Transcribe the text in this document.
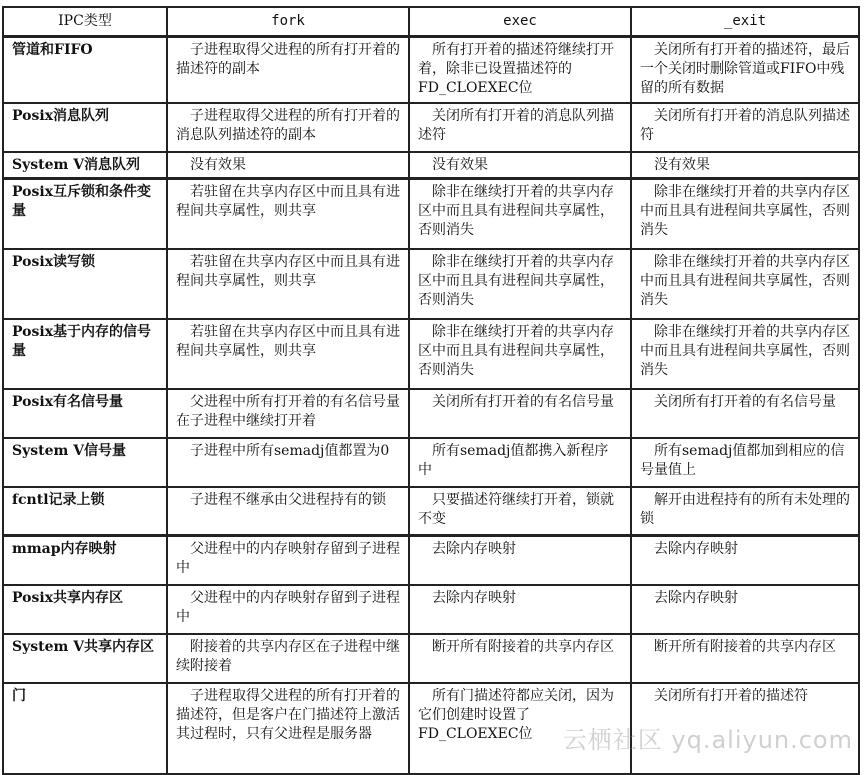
IPC类型	fork	exec	_exit
管道和FIFO	子进程取得父进程的所有打开着的描述符的副本	所有打开着的描述符继续打开着，除非已设置描述符的FD_CLOEXEC位	关闭所有打开着的描述符，最后一个关闭时删除管道或FIFO中残留的所有数据
Posix消息队列	子进程取得父进程的所有打开着的消息队列描述符的副本	关闭所有打开着的消息队列描述符	关闭所有打开着的消息队列描述符
System V消息队列	没有效果	没有效果	没有效果
Posix互斥锁和条件变量	若驻留在共享内存区中而且具有进程间共享属性，则共享	除非在继续打开着的共享内存区中而且具有进程间共享属性，否则消失	除非在继续打开着的共享内存区中而且具有进程间共享属性，否则消失
Posix读写锁	若驻留在共享内存区中而且具有进程间共享属性，则共享	除非在继续打开着的共享内存区中而且具有进程间共享属性，否则消失	除非在继续打开着的共享内存区中而且具有进程间共享属性，否则消失
Posix基于内存的信号量	若驻留在共享内存区中而且具有进程间共享属性，则共享	除非在继续打开着的共享内存区中而且具有进程间共享属性，否则消失	除非在继续打开着的共享内存区中而且具有进程间共享属性，否则消失
Posix有名信号量	父进程中所有打开着的有名信号量在子进程中继续打开着	关闭所有打开着的有名信号量	关闭所有打开着的有名信号量
System V信号量	子进程中所有semadj值都置为0	所有semadj值都携入新程序中	所有semadj值都加到相应的信号量值上
fcntl记录上锁	子进程不继承由父进程持有的锁	只要描述符继续打开着，锁就不变	解开由进程持有的所有未处理的锁
mmap内存映射	父进程中的内存映射存留到子进程中	去除内存映射	去除内存映射
Posix共享内存区	父进程中的内存映射存留到子进程中	去除内存映射	去除内存映射
System V共享内存区	附接着的共享内存区在子进程中继续附接着	断开所有附接着的共享内存区	断开所有附接着的共享内存区
门	子进程取得父进程的所有打开着的描述符，但是客户在门描述符上激活其过程时，只有父进程是服务器	所有门描述符都应关闭，因为它们创建时设置了FD_CLOEXEC位	关闭所有打开着的描述符
云栖社区 yq.aliyun.com
